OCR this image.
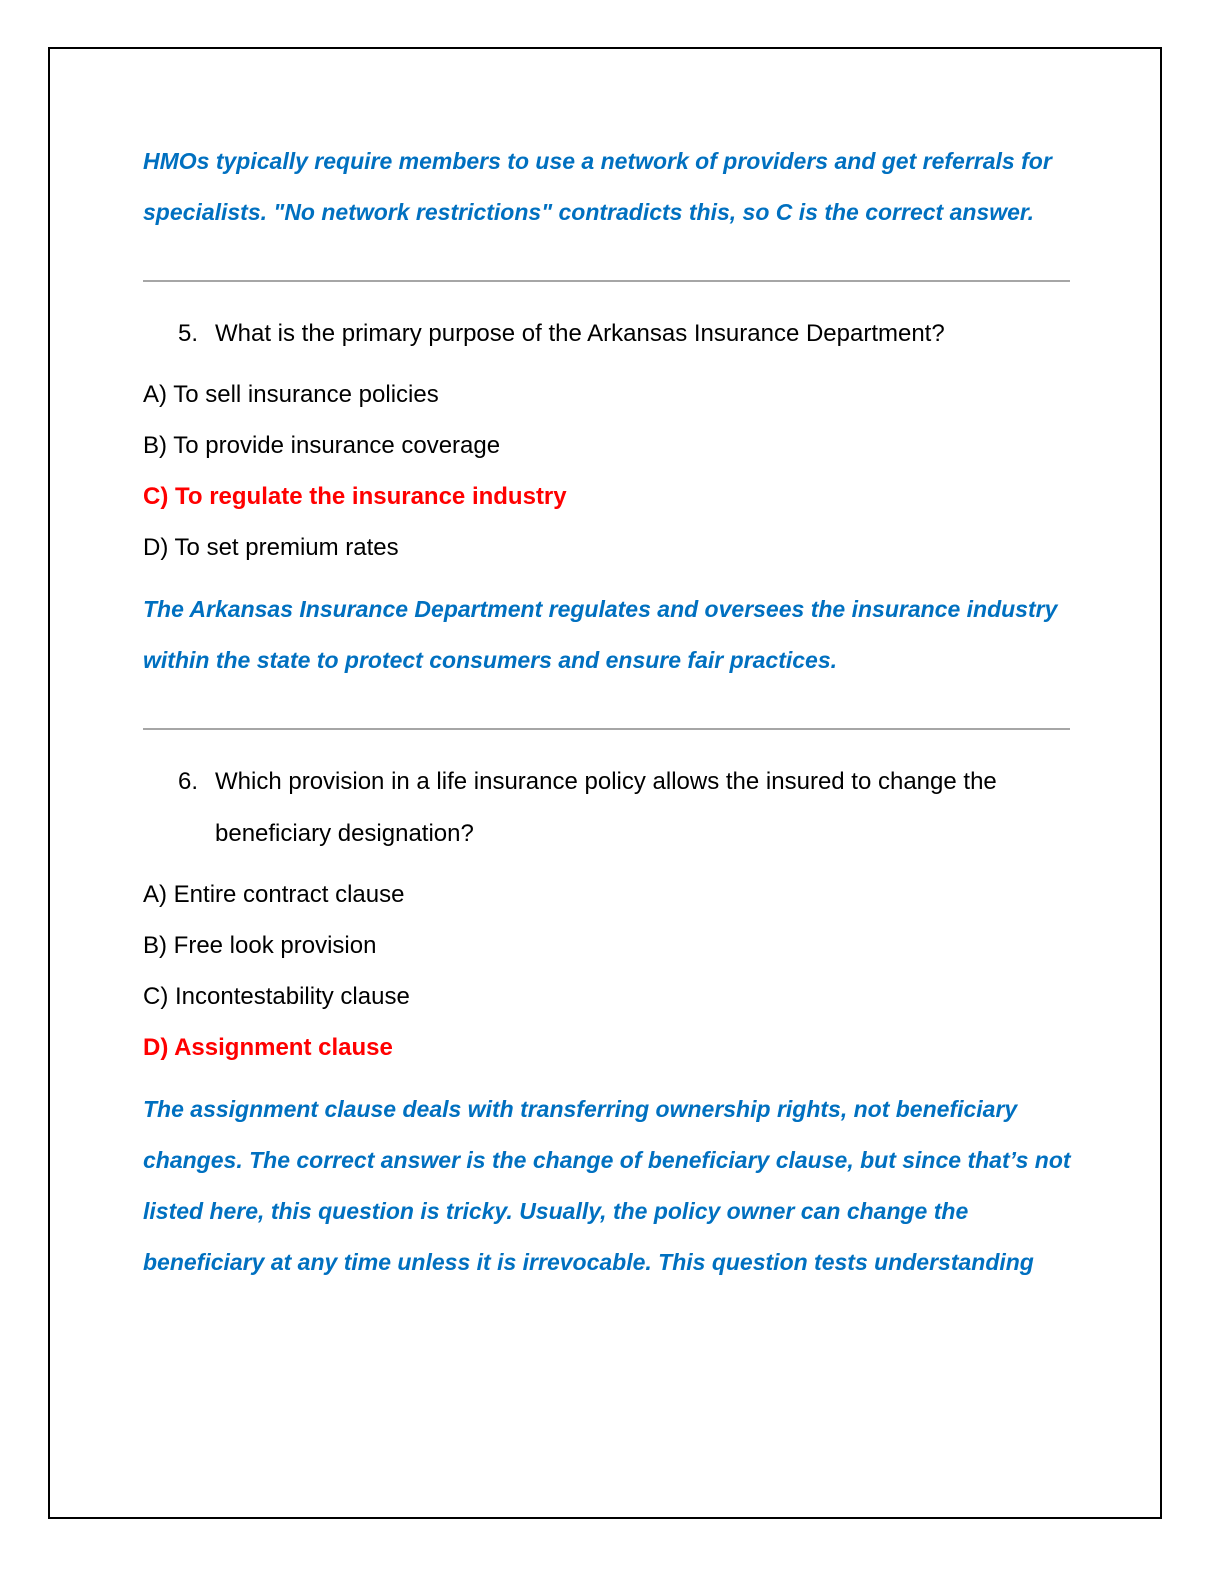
HMOs typically require members to use a network of providers and get referrals for specialists. "No network restrictions" contradicts this, so C is the correct answer.

5. What is the primary purpose of the Arkansas Insurance Department?

A) To sell insurance policies

B) To provide insurance coverage

C) To regulate the insurance industry

D) To set premium rates

The Arkansas Insurance Department regulates and oversees the insurance industry within the state to protect consumers and ensure fair practices.

6. Which provision in a life insurance policy allows the insured to change the beneficiary designation?

A) Entire contract clause

B) Free look provision

C) Incontestability clause

D) Assignment clause

The assignment clause deals with transferring ownership rights, not beneficiary changes. The correct answer is the change of beneficiary clause, but since that’s not listed here, this question is tricky. Usually, the policy owner can change the beneficiary at any time unless it is irrevocable. This question tests understanding
